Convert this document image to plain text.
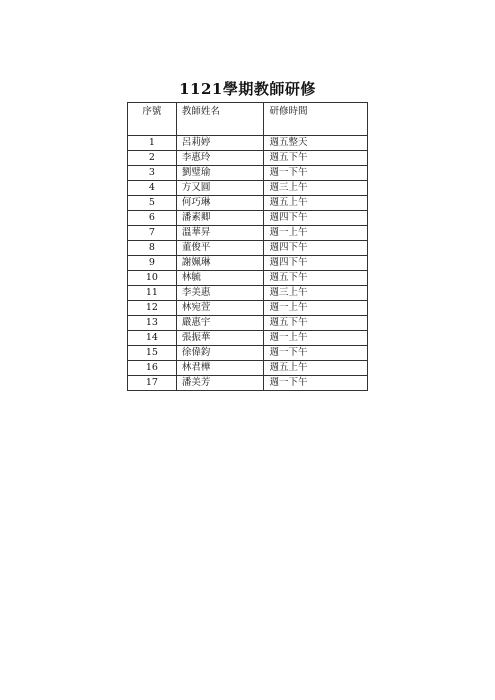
1121學期教師研修
序號	教師姓名	研修時間
1	呂莉婷	週五整天
2	李惠玲	週五下午
3	劉璧瑜	週一下午
4	方又圓	週三上午
5	何巧琳	週五上午
6	潘素卿	週四下午
7	溫華昇	週一上午
8	董俊平	週四下午
9	謝姵琳	週四下午
10	林毓	週五下午
11	李美惠	週三上午
12	林宛萱	週一上午
13	嚴惠宇	週五下午
14	張振華	週一上午
15	徐偉鈞	週一下午
16	林君樺	週五上午
17	潘美芳	週一下午
